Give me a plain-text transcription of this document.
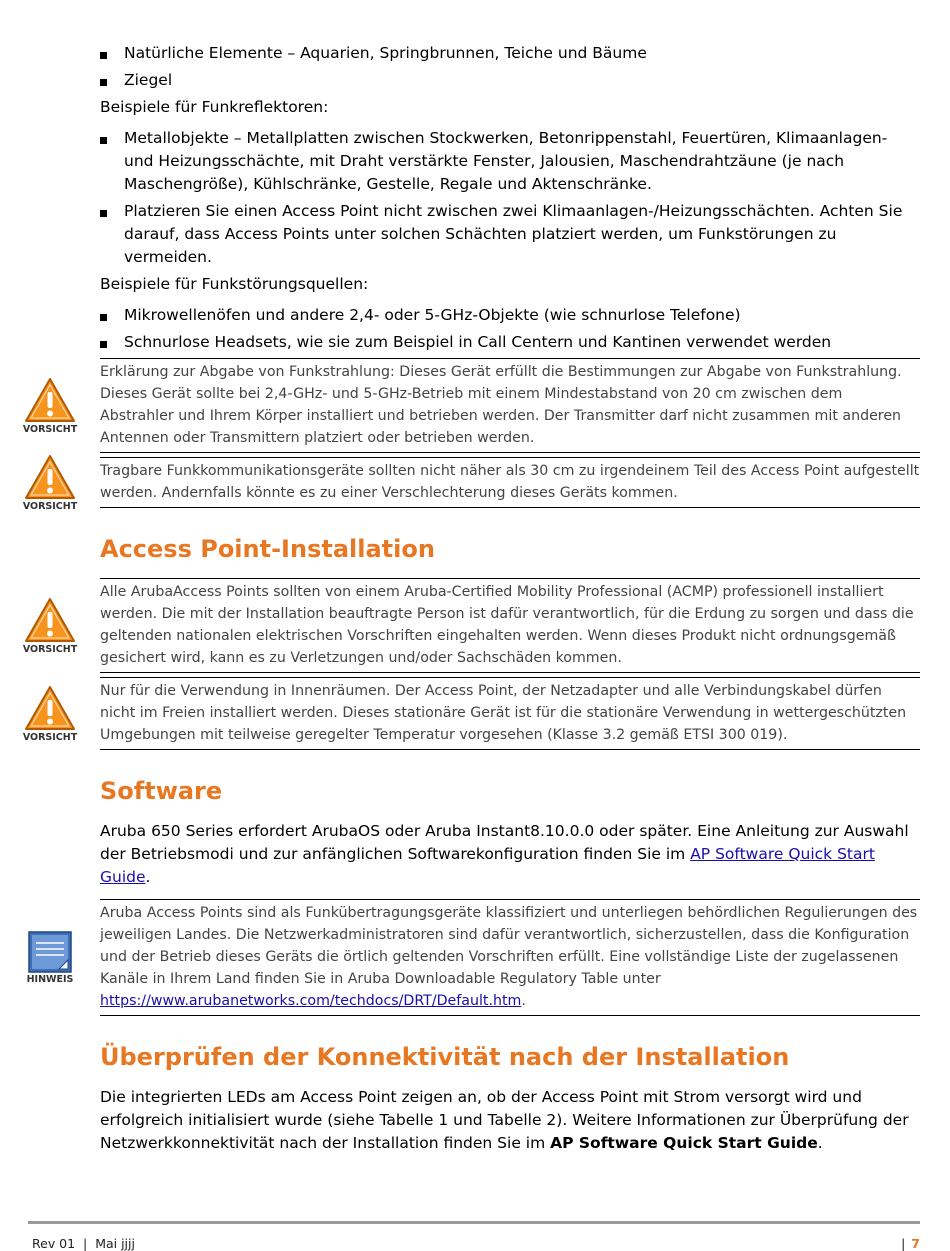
Natürliche Elemente – Aquarien, Springbrunnen, Teiche und Bäume
Ziegel

Beispiele für Funkreflektoren:

Metallobjekte – Metallplatten zwischen Stockwerken, Betonrippenstahl, Feuertüren, Klimaanlagen- und Heizungsschächte, mit Draht verstärkte Fenster, Jalousien, Maschendrahtzäune (je nach Maschengröße), Kühlschränke, Gestelle, Regale und Aktenschränke.
Platzieren Sie einen Access Point nicht zwischen zwei Klimaanlagen-/Heizungsschächten. Achten Sie darauf, dass Access Points unter solchen Schächten platziert werden, um Funkstörungen zu vermeiden.

Beispiele für Funkstörungsquellen:

Mikrowellenöfen und andere 2,4- oder 5-GHz-Objekte (wie schnurlose Telefone)
Schnurlose Headsets, wie sie zum Beispiel in Call Centern und Kantinen verwendet werden
VORSICHT
Erklärung zur Abgabe von Funkstrahlung: Dieses Gerät erfüllt die Bestimmungen zur Abgabe von Funkstrahlung. Dieses Gerät sollte bei 2,4-GHz- und 5-GHz-Betrieb mit einem Mindestabstand von 20 cm zwischen dem Abstrahler und Ihrem Körper installiert und betrieben werden. Der Transmitter darf nicht zusammen mit anderen Antennen oder Transmittern platziert oder betrieben werden.
VORSICHT
Tragbare Funkkommunikationsgeräte sollten nicht näher als 30 cm zu irgendeinem Teil des Access Point aufgestellt werden. Andernfalls könnte es zu einer Verschlechterung dieses Geräts kommen.
Access Point-Installation
VORSICHT
Alle ArubaAccess Points sollten von einem Aruba-Certified Mobility Professional (ACMP) professionell installiert werden. Die mit der Installation beauftragte Person ist dafür verantwortlich, für die Erdung zu sorgen und dass die geltenden nationalen elektrischen Vorschriften eingehalten werden. Wenn dieses Produkt nicht ordnungsgemäß gesichert wird, kann es zu Verletzungen und/oder Sachschäden kommen.
VORSICHT
Nur für die Verwendung in Innenräumen. Der Access Point, der Netzadapter und alle Verbindungskabel dürfen nicht im Freien installiert werden. Dieses stationäre Gerät ist für die stationäre Verwendung in wettergeschützten Umgebungen mit teilweise geregelter Temperatur vorgesehen (Klasse 3.2 gemäß ETSI 300 019).
Software

Aruba 650 Series erfordert ArubaOS oder Aruba Instant8.10.0.0 oder später. Eine Anleitung zur Auswahl der Betriebsmodi und zur anfänglichen Softwarekonfiguration finden Sie im AP Software Quick Start Guide.

HINWEIS
Aruba Access Points sind als Funkübertragungsgeräte klassifiziert und unterliegen behördlichen Regulierungen des jeweiligen Landes. Die Netzwerkadministratoren sind dafür verantwortlich, sicherzustellen, dass die Konfiguration und der Betrieb dieses Geräts die örtlich geltenden Vorschriften erfüllt. Eine vollständige Liste der zugelassenen Kanäle in Ihrem Land finden Sie in Aruba Downloadable Regulatory Table unter https://www.arubanetworks.com/techdocs/DRT/Default.htm.
Überprüfen der Konnektivität nach der Installation

Die integrierten LEDs am Access Point zeigen an, ob der Access Point mit Strom versorgt wird und erfolgreich initialisiert wurde (siehe Tabelle 1 und Tabelle 2). Weitere Informationen zur Überprüfung der Netzwerkkonnektivität nach der Installation finden Sie im AP Software Quick Start Guide.

Rev 01  |  Mai jjjj	| 7
